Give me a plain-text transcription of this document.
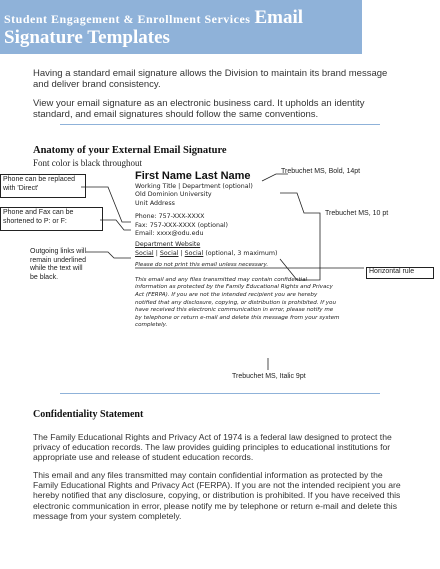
Student Engagement & Enrollment Services Email
Signature Templates
Having a standard email signature allows the Division to maintain its brand message and deliver brand consistency.
View your email signature as an electronic business card. It upholds an identity standard, and email signatures should follow the same conventions.
Anatomy of your External Email Signature
Font color is black throughout
Phone can be replaced with 'Direct'
Phone and Fax can be shortened to P: or F:
Outgoing links will remain underlined while the text will be black.
Trebuchet MS, Bold, 14pt
Trebuchet MS, 10 pt
Horizontal rule
Trebuchet MS, Italic 9pt
First Name Last Name
Working Title | Department (optional)
Old Dominion University
Unit Address
Phone: 757-XXX-XXXX
Fax: 757-XXX-XXXX (optional)
Email: xxxx@odu.edu
Department Website
Social | Social | Social (optional, 3 maximum)
Please do not print this email unless necessary.
This email and any files transmitted may contain confidential information as protected by the Family Educational Rights and Privacy Act (FERPA). If you are not the intended recipient you are hereby notified that any disclosure, copying, or distribution is prohibited. If you have received this electronic communication in error, please notify me by telephone or return e-mail and delete this message from your system completely.
Confidentiality Statement
The Family Educational Rights and Privacy Act of 1974 is a federal law designed to protect the privacy of education records. The law provides guiding principles to educational institutions for appropriate use and release of student education records.
This email and any files transmitted may contain confidential information as protected by the Family Educational Rights and Privacy Act (FERPA). If you are not the intended recipient you are hereby notified that any disclosure, copying, or distribution is prohibited. If you have received this electronic communication in error, please notify me by telephone or return e-mail and delete this message from your system completely.
